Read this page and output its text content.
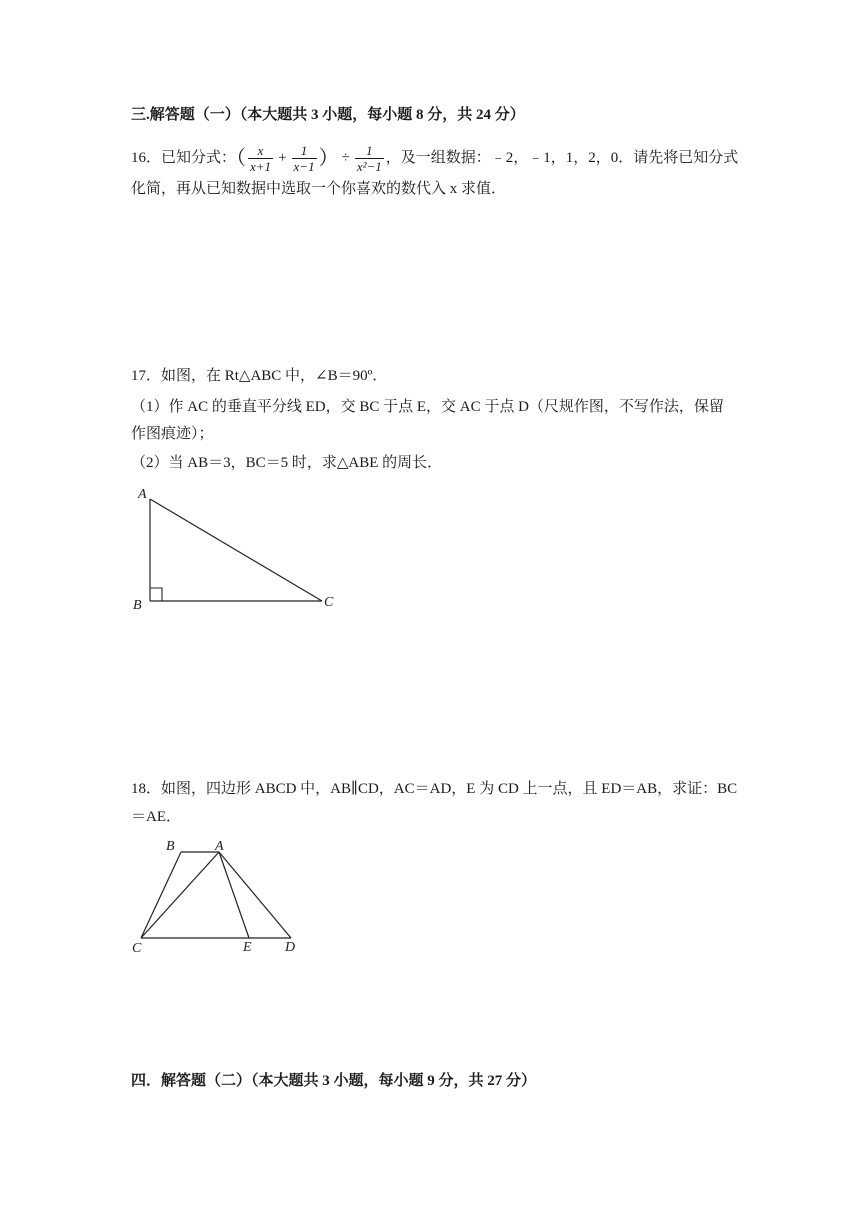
三.解答题（一）（本大题共 3 小题，每小题 8 分，共 24 分）
16．已知分式：（ $\frac{x}{x+1} + \frac{1}{x-1}$ ） ÷ $\frac{1}{\text{x²−1}}$ ，及一组数据：﹣2，﹣1，1，2，0．请先将已知分式
化简，再从已知数据中选取一个你喜欢的数代入 x 求值．
17．如图，在 Rt△ABC 中，∠B＝90º．
（1）作 AC 的垂直平分线 ED，交 BC 于点 E，交 AC 于点 D（尺规作图，不写作法，保留
作图痕迹）；
（2）当 AB＝3，BC＝5 时，求△ABE 的周长．
A
B	C
18．如图，四边形 ABCD 中，AB∥CD，AC＝AD，E 为 CD 上一点，且 ED＝AB，求证：BC
＝AE．
B	A
C	E D
四．解答题（二）（本大题共 3 小题，每小题 9 分，共 27 分）
